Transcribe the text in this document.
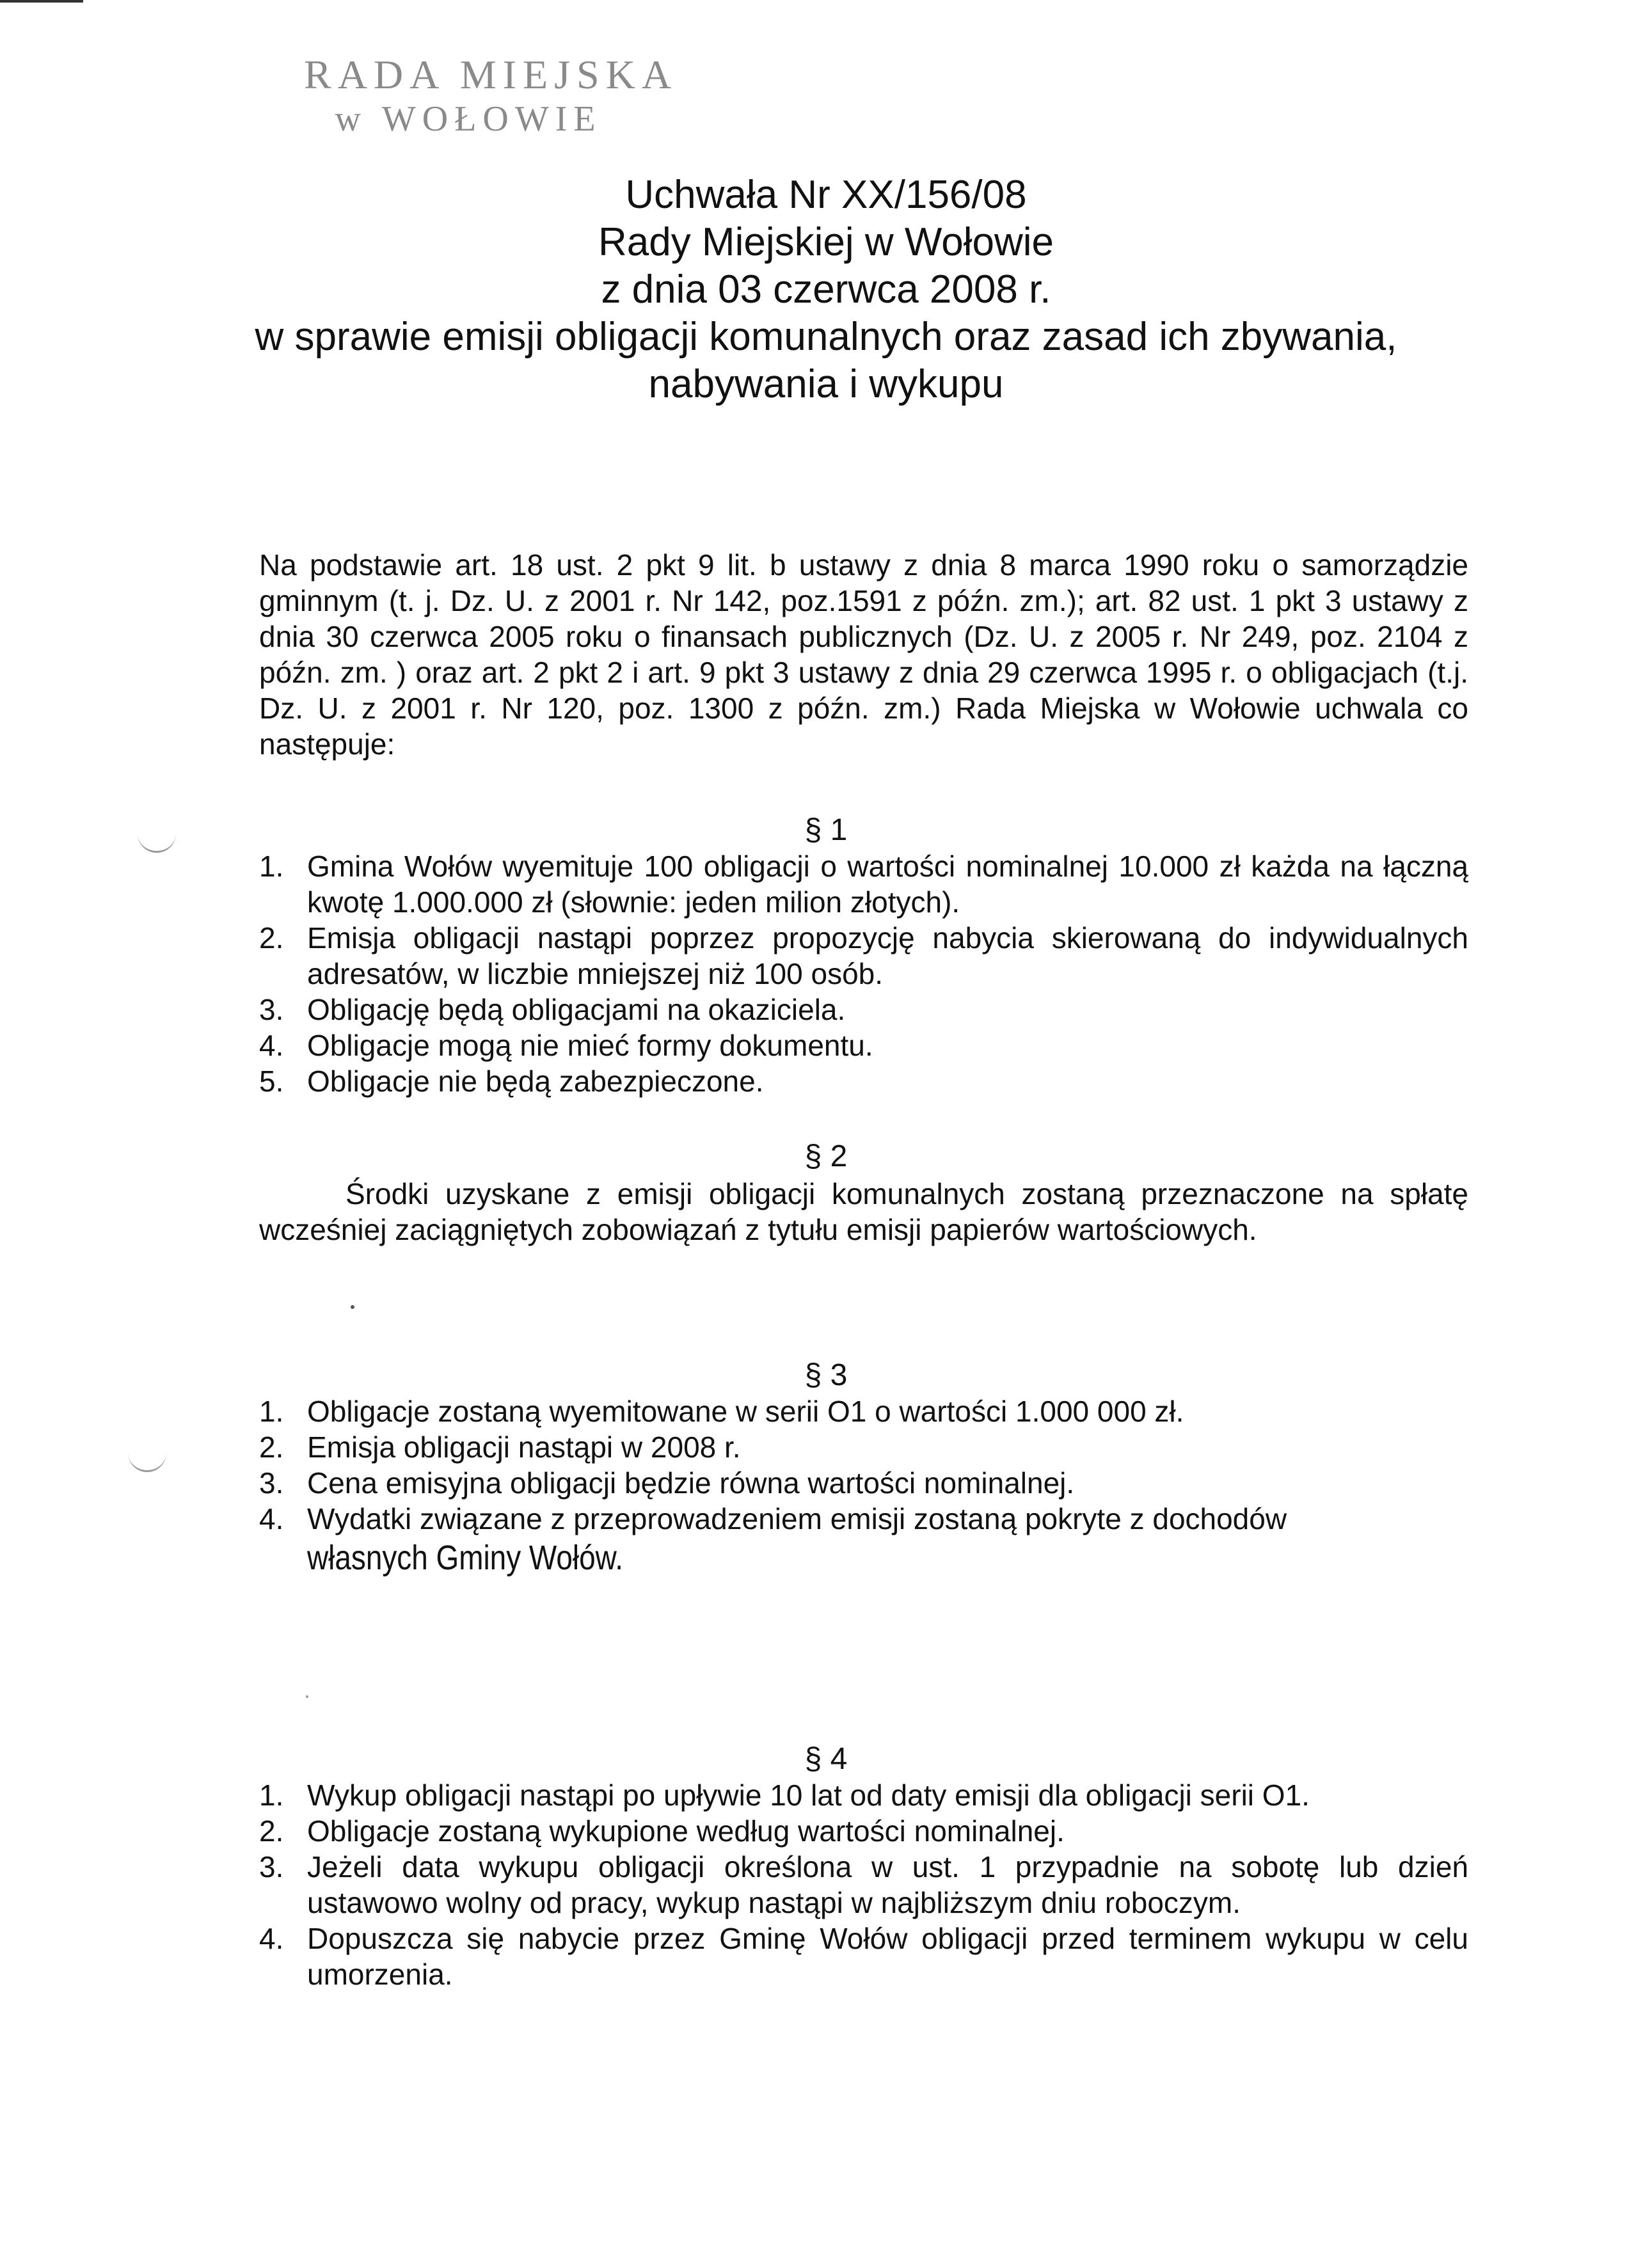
RADA MIEJSKA
w WOŁOWIE
Uchwała Nr XX/156/08
Rady Miejskiej w Wołowie
z dnia 03 czerwca 2008 r.
w sprawie emisji obligacji komunalnych oraz zasad ich zbywania,
nabywania i wykupu
Na podstawie art. 18 ust. 2 pkt 9 lit. b ustawy z dnia 8 marca 1990 roku o samorządzie gminnym (t. j. Dz. U. z 2001 r. Nr 142, poz.1591 z późn. zm.); art. 82 ust. 1 pkt 3 ustawy z dnia 30 czerwca 2005 roku o finansach publicznych (Dz. U. z 2005 r. Nr 249, poz. 2104 z późn. zm. ) oraz art. 2 pkt 2 i art. 9 pkt 3 ustawy z dnia 29 czerwca 1995 r. o obligacjach (t.j. Dz. U. z 2001 r. Nr 120, poz. 1300 z późn. zm.) Rada Miejska w Wołowie uchwala co następuje:
§ 1
1. Gmina Wołów wyemituje 100 obligacji o wartości nominalnej 10.000 zł każda na łączną kwotę 1.000.000 zł (słownie: jeden milion złotych).
2. Emisja obligacji nastąpi poprzez propozycję nabycia skierowaną do indywidualnych adresatów, w liczbie mniejszej niż 100 osób.
3. Obligację będą obligacjami na okaziciela.
4. Obligacje mogą nie mieć formy dokumentu.
5. Obligacje nie będą zabezpieczone.
§ 2
Środki uzyskane z emisji obligacji komunalnych zostaną przeznaczone na spłatę wcześniej zaciągniętych zobowiązań z tytułu emisji papierów wartościowych.
§ 3
1. Obligacje zostaną wyemitowane w serii O1 o wartości 1.000 000 zł.
2. Emisja obligacji nastąpi w 2008 r.
3. Cena emisyjna obligacji będzie równa wartości nominalnej.
4. Wydatki związane z przeprowadzeniem emisji zostaną pokryte z dochodów
własnych Gminy Wołów.
§ 4
1. Wykup obligacji nastąpi po upływie 10 lat od daty emisji dla obligacji serii O1.
2. Obligacje zostaną wykupione według wartości nominalnej.
3. Jeżeli data wykupu obligacji określona w ust. 1 przypadnie na sobotę lub dzień ustawowo wolny od pracy, wykup nastąpi w najbliższym dniu roboczym.
4. Dopuszcza się nabycie przez Gminę Wołów obligacji przed terminem wykupu w celu umorzenia.
